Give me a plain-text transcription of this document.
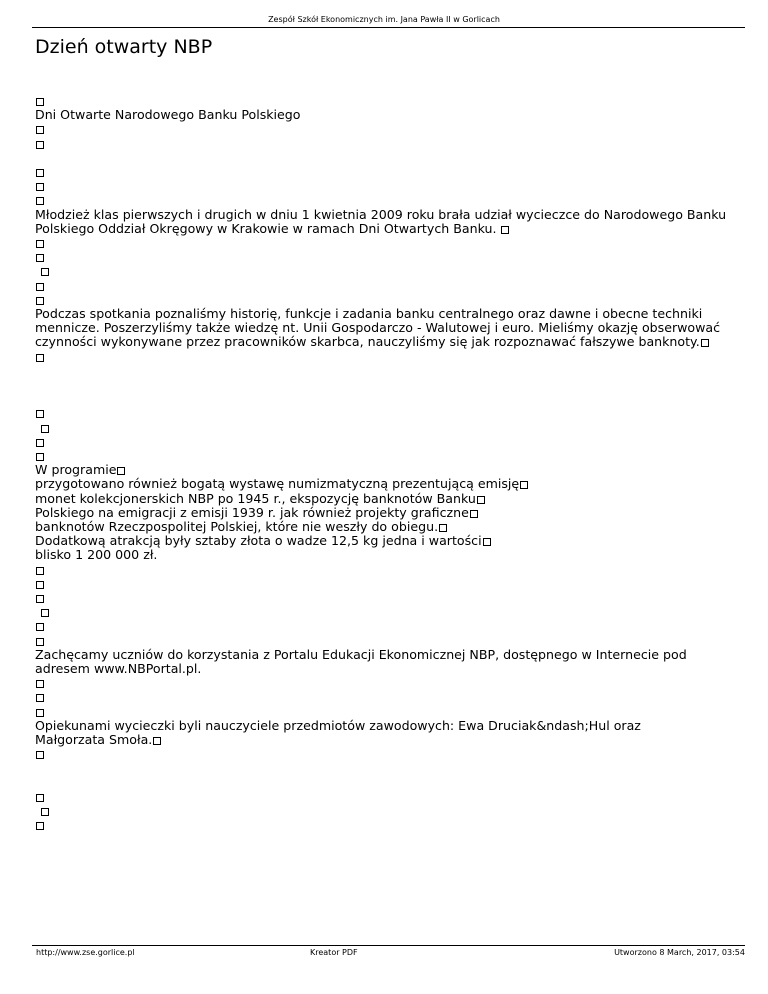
Zespół Szkół Ekonomicznych im. Jana Pawła II w Gorlicach
Dzień otwarty NBP
Dni Otwarte Narodowego Banku Polskiego
Młodzież klas pierwszych i drugich w dniu 1 kwietnia 2009 roku brała udział wycieczce do Narodowego Banku Polskiego Oddział Okręgowy w Krakowie w ramach Dni Otwartych Banku.
Podczas spotkania poznaliśmy historię, funkcje i zadania banku centralnego oraz dawne i obecne techniki mennicze. Poszerzyliśmy także wiedzę nt. Unii Gospodarczo - Walutowej i euro. Mieliśmy okazję obserwować czynności wykonywane przez pracowników skarbca, nauczyliśmy się jak rozpoznawać fałszywe banknoty.
W programie
przygotowano również bogatą wystawę numizmatyczną prezentującą emisję
monet kolekcjonerskich NBP po 1945 r., ekspozycję banknotów Banku
Polskiego na emigracji z emisji 1939 r. jak również projekty graficzne
banknotów Rzeczpospolitej Polskiej, które nie weszły do obiegu.
Dodatkową atrakcją były sztaby złota o wadze 12,5 kg jedna i wartości
blisko 1 200 000 zł.
Zachęcamy uczniów do korzystania z Portalu Edukacji Ekonomicznej NBP, dostępnego w Internecie pod adresem www.NBPortal.pl.
Opiekunami wycieczki byli nauczyciele przedmiotów zawodowych: Ewa Druciak&ndash;Hul oraz Małgorzata Smoła.
http://www.zse.gorlice.pl	Kreator PDF	Utworzono 8 March, 2017, 03:54
